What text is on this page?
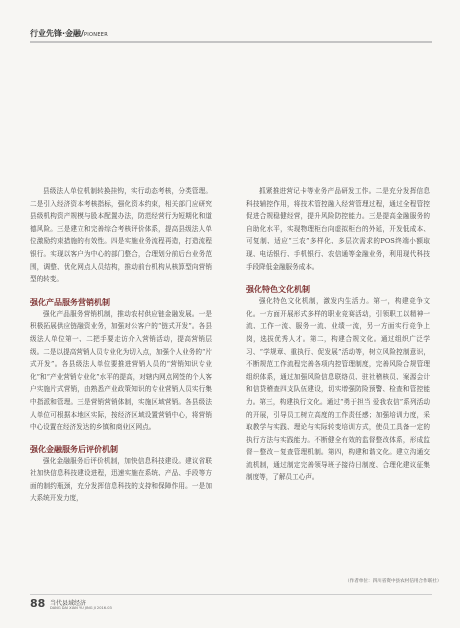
行业先锋·金融/PIONEER

县级法人单位机制转换挂钩，实行动态考核，分类管理。二是引入经济资本考核指标，强化资本约束，相关部门应研究县级机构资产规模与股本配置办法，防范经营行为短期化和道德风险。三是建立和完善综合考核评价体系，提高县级法人单位激励约束措施的有效性。四是实施业务流程再造，打造流程银行。实现以客户为中心的部门整合，合理划分前后台业务范围，调整、优化网点人员结构，推动前台机构从核算型向营销型的转变。

强化产品服务营销机制

强化产品服务营销机制，推动农村供应链金融发展。一是积极拓展供应链融资业务，加强对公客户的“链式开发”。各县级法人单位第一、二把手要走访介入营销活动，提高营销层级。二是以提高营销人员专业化为切入点，加强个人业务的“片式开发”。各县级法人单位要推进营销人员的“营销知识专业化”和“产业营销专业化”水平的提高，对辖内网点网签的个人客户实施片式营销，由熟悉产业政策知识的专业营销人员实行集中指派和管理。三是营销营销体制，实施区域营销。各县级法人单位可根据本地区实际，按经济区域设置营销中心，将营销中心设置在经济发达的乡镇和商业区网点。

强化金融服务后评价机制

强化金融服务后评价机制，加快信息科技建设。建议省联社加快信息科技建设进程，迅速实施在系统、产品、手段等方面的制约瓶颈，充分发挥信息科技的支持和保障作用。一是加大系统开发力度，

抓紧推进营记卡等业务产品研发工作。二是充分发挥信息科技辅控作用，将技术管控融入经营管理过程，通过全程管控促进合规稳健经营，提升风险防控能力。三是提高金融服务的自助化水平，实现物理柜台向虚拟柜台的外延，开发低成本、可复制、适应“三农”多样化、多层次需求的POS终端小额取现、电话银行、手机银行、农信通等金融业务，利用现代科技手段降低金融服务成本。

强化特色文化机制

强化特色文化机制，激发内生活力。第一，构建竞争文化。一方面开展形式多样的职业竞赛活动，引领职工以精神一流、工作一流、服务一流、业绩一流，另一方面实行竞争上岗，选拔优秀人才。第二，构建合规文化。通过组织广泛学习、“学规章、重执行、促发展”活动等，树立风险控制意识，不断规范工作流程完善各项内控管理制度，完善风险合规管理组织体系，通过加强风险信息联络员、驻社稽核员、案源会计和信贷稽查四支队伍建设，切实增强防险预警、检查和管控能力。第三，构建执行文化。通过“勇于担当 爱我农信”系列活动的开展，引导员工树立高度的工作责任感；加强培训力度，采取教学与实践、理论与实际转变培训方式，使员工具备一定的执行方法与实践能力。不断健全有效的监督整改体系，形成监督－整改－复查管理机制。第四，构建和谐文化。建立沟通交流机制，通过制定完善领导班子接待日制度、合理化建议征集制度等，了解员工心声。

（作者单位：四川省资中县农村信用合作联社）
88 当代县域经济
DANG DAI XIAN YU JING JI 2016.03
